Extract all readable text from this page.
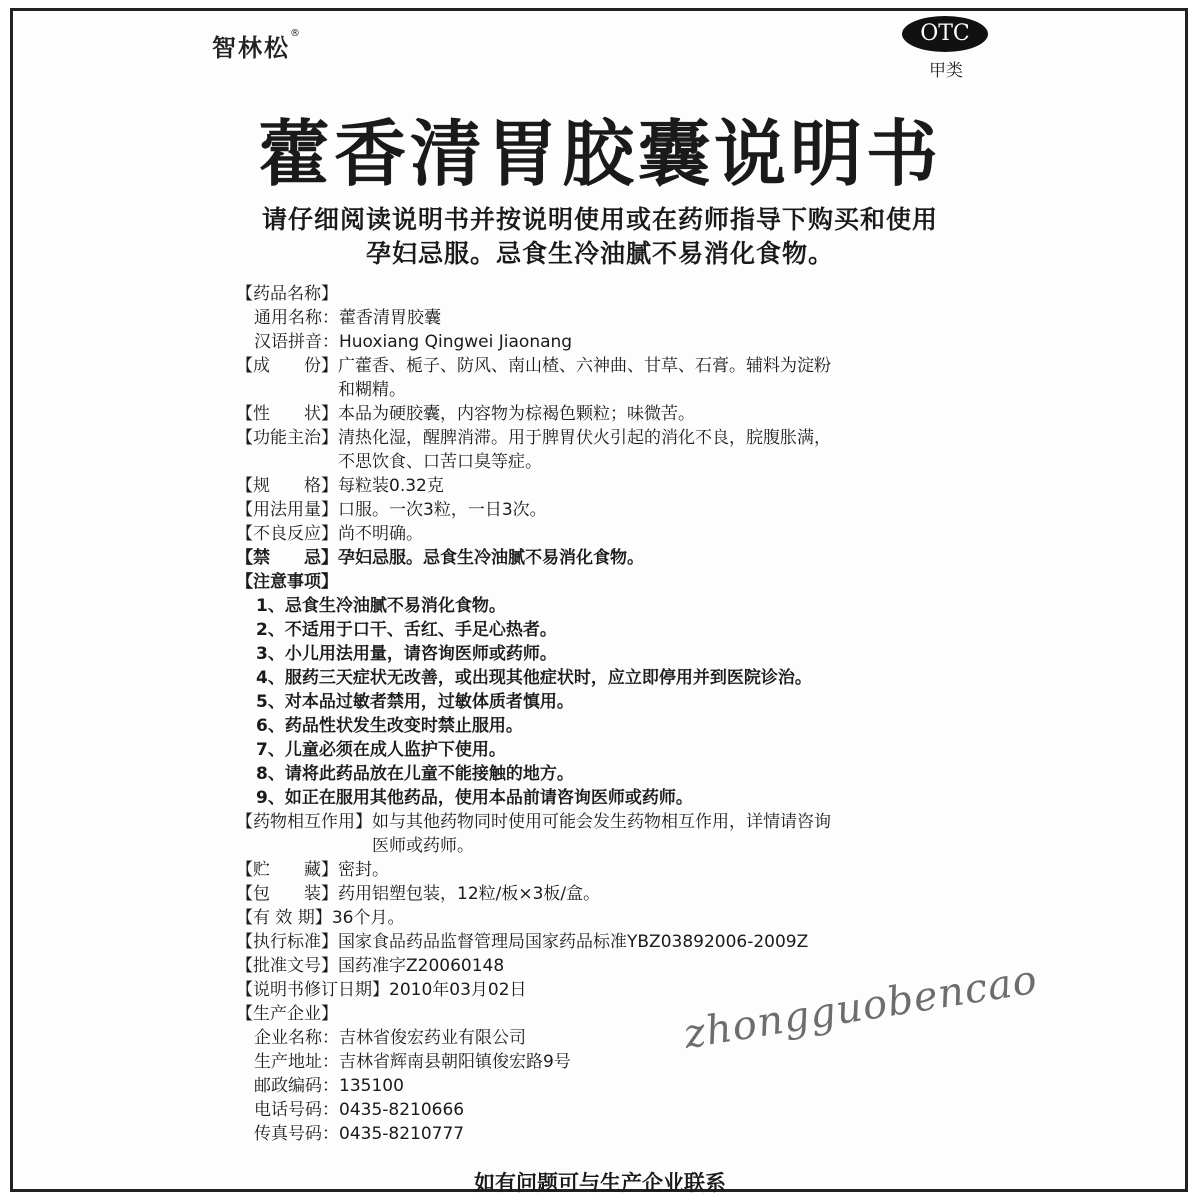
智林松®	OTC
甲类
藿香清胃胶囊说明书
请仔细阅读说明书并按说明使用或在药师指导下购买和使用
孕妇忌服。忌食生冷油腻不易消化食物。
【药品名称】
通用名称： 藿香清胃胶囊
汉语拼音： Huoxiang Qingwei Jiaonang
【成　　份】 广藿香、栀子、防风、南山楂、六神曲、甘草、石膏。辅料为淀粉
和糊精。
【性　　状】 本品为硬胶囊，内容物为棕褐色颗粒；味微苦。
【功能主治】 清热化湿，醒脾消滞。用于脾胃伏火引起的消化不良，脘腹胀满，
不思饮食、口苦口臭等症。
【规　　格】 每粒装0.32克
【用法用量】 口服。一次3粒，一日3次。
【不良反应】 尚不明确。
【禁　　忌】 孕妇忌服。忌食生冷油腻不易消化食物。
【注意事项】
1、忌食生冷油腻不易消化食物。
2、不适用于口干、舌红、手足心热者。
3、小儿用法用量，请咨询医师或药师。
4、服药三天症状无改善，或出现其他症状时，应立即停用并到医院诊治。
5、对本品过敏者禁用，过敏体质者慎用。
6、药品性状发生改变时禁止服用。
7、儿童必须在成人监护下使用。
8、请将此药品放在儿童不能接触的地方。
9、如正在服用其他药品，使用本品前请咨询医师或药师。
【药物相互作用】 如与其他药物同时使用可能会发生药物相互作用，详情请咨询
医师或药师。
【贮　　藏】 密封。
【包　　装】 药用铝塑包装，12粒/板×3板/盒。
【有 效 期】 36个月。
【执行标准】 国家食品药品监督管理局国家药品标准YBZ03892006-2009Z
【批准文号】 国药准字Z20060148
【说明书修订日期】 2010年03月02日
【生产企业】
企业名称： 吉林省俊宏药业有限公司
生产地址： 吉林省辉南县朝阳镇俊宏路9号
邮政编码： 135100
电话号码： 0435-8210666
传真号码： 0435-8210777
zhongguobencao
如有问题可与生产企业联系
